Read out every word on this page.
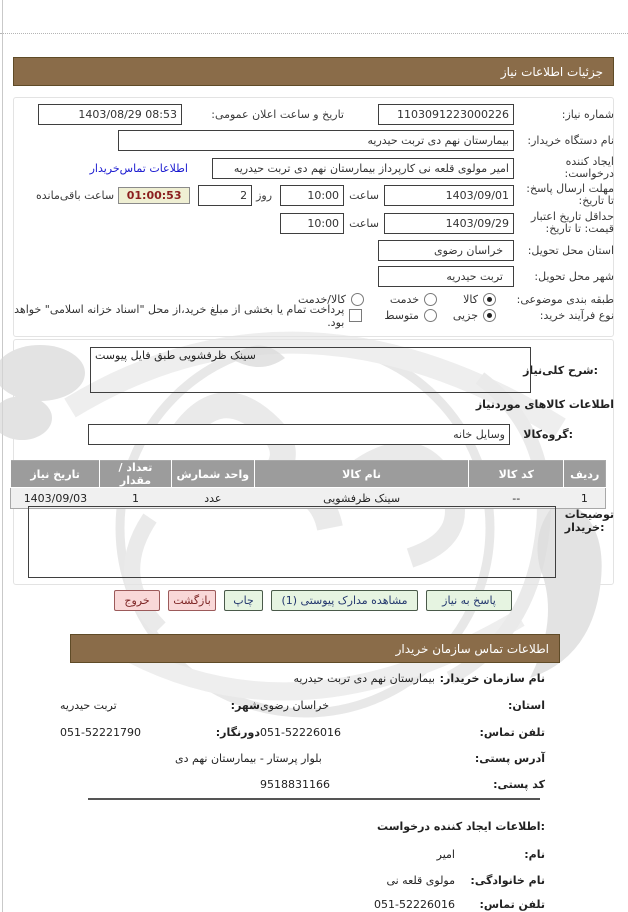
جزئیات اطلاعات نیاز
شماره نیاز:
1103091223000226
تاریخ و ساعت اعلان عمومی:
1403/08/29 08:53
نام دستگاه خریدار:
بیمارستان نهم دی تربت حیدریه
ایجاد کننده
درخواست:
امیر مولوی قلعه نی کارپرداز بیمارستان نهم دی تربت حیدریه
اطلاعات تماس‌خریدار
مهلت ارسال پاسخ:
تا تاریخ:
1403/09/01
ساعت
10:00
روز
2
01:00:53
ساعت باقی‌مانده
حداقل تاریخ اعتبار
قیمت: تا تاریخ:
1403/09/29
ساعت
10:00
استان محل تحویل:
خراسان رضوی
شهر محل تحویل:
تربت حیدریه
طبقه بندی موضوعی:
کالا
خدمت
کالا/خدمت
نوع فرآیند خرید:
جزیی
متوسط
پرداخت تمام یا بخشی از مبلغ خرید،از محل "اسناد خزانه اسلامی" خواهد بود.
شرح کلی‌نیاز:
سینک ظرفشویی طبق فایل پیوست
اطلاعات کالاهای موردنیاز
گروه‌کالا:
وسایل خانه
ردیف	کد کالا	نام کالا	واحد شمارش	تعداد / مقدار	تاریخ نیاز
1	--	سینک ظرفشویی	عدد	1	1403/09/03
توضیحات
خریدار:
پاسخ به نیاز
مشاهده مدارک پیوستی (1)
چاپ
بازگشت
خروج
اطلاعات تماس سازمان خریدار
نام سازمان خریدار:
بیمارستان نهم دی تربت حیدریه
استان:
خراسان رضوی
شهر:
تربت حیدریه
تلفن تماس:
051-52226016
دورنگار:
051-52221790
آدرس پستی:
بلوار پرستار - بیمارستان نهم دی
کد پستی:
9518831166
اطلاعات ایجاد کننده درخواست:
نام:
امیر
نام خانوادگی:
مولوی قلعه نی
تلفن تماس:
051-52226016
